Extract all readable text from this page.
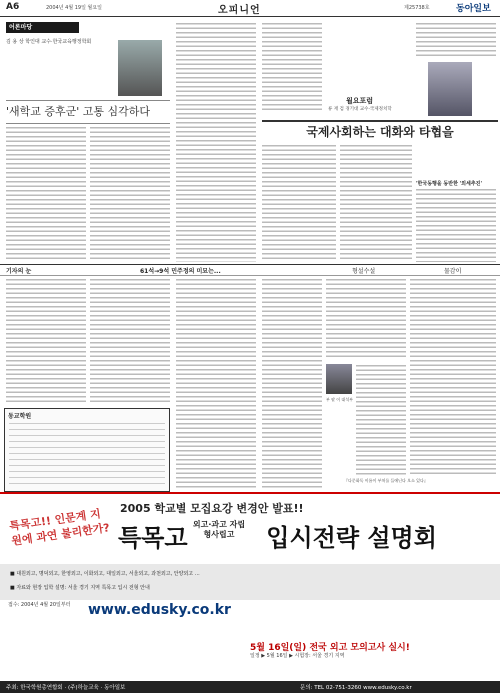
A6	2004년 4월 19일 월요일	오피니언	제25738호	동아일보
어론마당
김 용 상 학인대 교수·한국교육행정학회
'새학교 증후군' 고통 심각하다
월요포럼
류 재 검 경기대 교수·국제정치학
국제사회하는 대화와 타협을
'한국동행을 동반한 '외세추진'
기자의 눈	61석→9석 민주정의 미묘는...	형설수설	물감이
부 팔 이 대석부
『다문화독 이름이 부처를 들에닌다 오소 있다』
동교학원
2005 학교별 모집요강 변경안 발표!!
특목고!! 인문계 지원에 과연 불리한가? 특목고	입시전략 설명회
외고·과고 자립형사립고
■ 대원외고, 명덕외고, 한영외고, 이화외고, 대일외고, 서울외고, 과천외고, 안양외고 …
■ 자료와 현장 입학 설명: 서울 경기 지역 특목고 입시 전형 안내
접수: 2004년 4월 20일부터	www.edusky.co.kr
5월 16일(일) 전국 외고 모의고사 실시!
일정 ▶ 5월 16일 ▶ 시험장: 서울 경기 지역
주최: 한국학원총연합회 · (주)하늘교육 · 동아일보	문의: TEL 02-751-3260 www.edusky.co.kr
